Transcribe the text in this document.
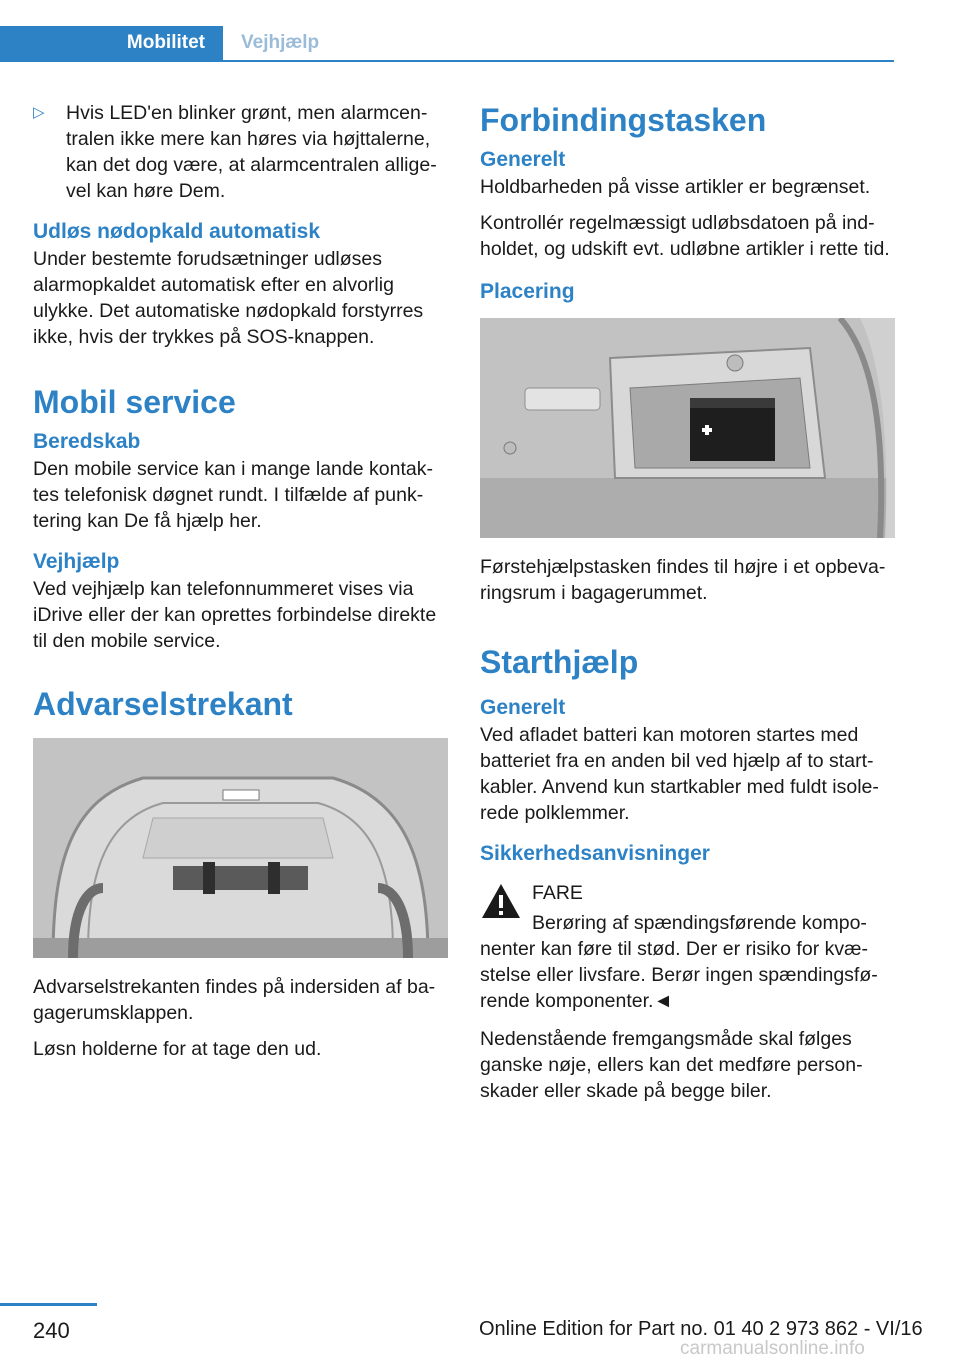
Mobilitet	Vejhjælp
▷ Hvis LED'en blinker grønt, men alarmcentralen ikke mere kan høres via højttalerne, kan det dog være, at alarmcentralen alligevel kan høre Dem.

Udløs nødopkald automatisk

Under bestemte forudsætninger udløses alarmopkaldet automatisk efter en alvorlig ulykke. Det automatiske nødopkald forstyrres ikke, hvis der trykkes på SOS-knappen.

Mobil service
Beredskab

Den mobile service kan i mange lande kontaktes telefonisk døgnet rundt. I tilfælde af punktering kan De få hjælp her.

Vejhjælp

Ved vejhjælp kan telefonnummeret vises via iDrive eller der kan oprettes forbindelse direkte til den mobile service.

Advarselstrekant

Advarselstrekanten findes på indersiden af bagagerumsklappen.

Løsn holderne for at tage den ud.

Forbindingstasken
Generelt

Holdbarheden på visse artikler er begrænset.

Kontrollér regelmæssigt udløbsdatoen på indholdet, og udskift evt. udløbne artikler i rette tid.

Placering

Førstehjælpstasken findes til højre i et opbevaringsrum i bagagerummet.

Starthjælp
Generelt

Ved afladet batteri kan motoren startes med batteriet fra en anden bil ved hjælp af to startkabler. Anvend kun startkabler med fuldt isolerede polklemmer.

Sikkerhedsanvisninger

FARE

Berøring af spændingsførende komponenter kan føre til stød. Der er risiko for kvæstelse eller livsfare. Berør ingen spændingsførende komponenter.◄

Nedenstående fremgangsmåde skal følges ganske nøje, ellers kan det medføre personskader eller skade på begge biler.

240	Online Edition for Part no. 01 40 2 973 862 - VI/16
carmanualsonline.info
